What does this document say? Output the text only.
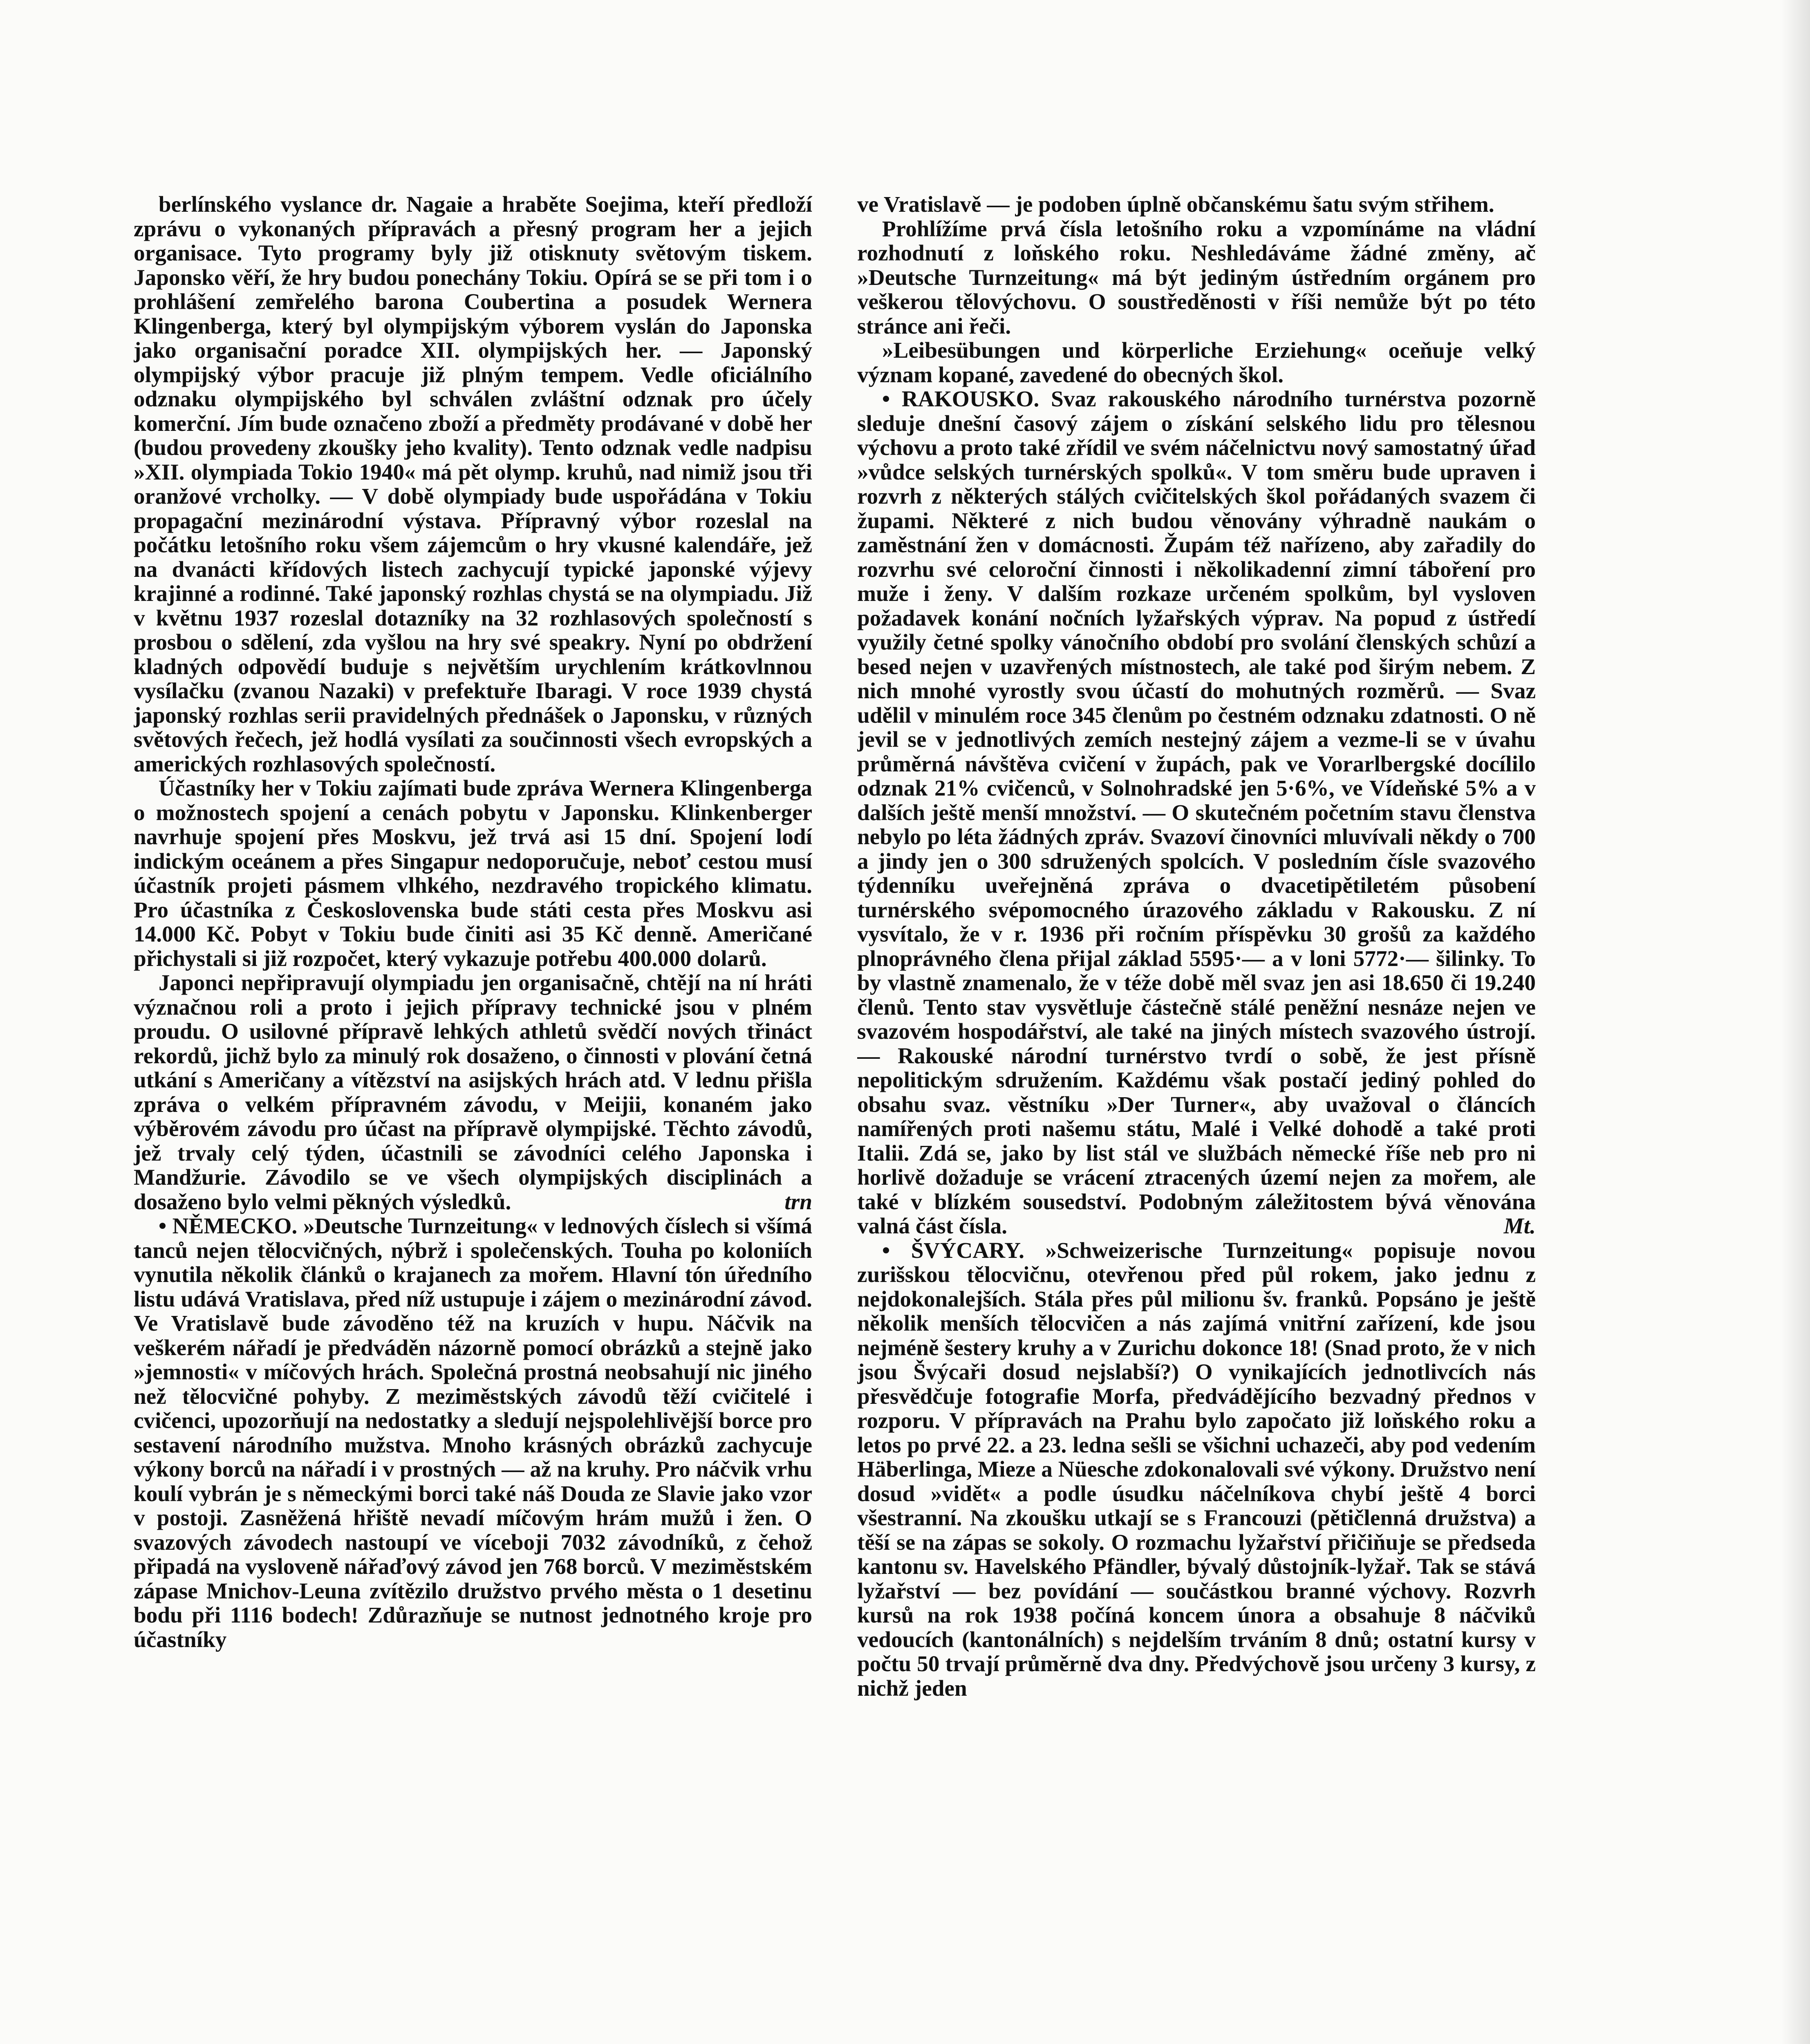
berlínského vyslance dr. Nagaie a hraběte Soejima, kteří předloží zprávu o vykonaných přípravách a přesný program her a jejich organisace. Tyto programy byly již otisknuty světovým tiskem. Japonsko věří, že hry budou ponechány Tokiu. Opírá se se při tom i o prohlášení zemřelého barona Coubertina a posudek Wernera Klingenberga, který byl olympijským výborem vyslán do Japonska jako organisační poradce XII. olympijských her. — Japonský olympijský výbor pracuje již plným tempem. Vedle oficiálního odznaku olympijského byl schválen zvláštní odznak pro účely komerční. Jím bude označeno zboží a předměty prodávané v době her (budou provedeny zkoušky jeho kvality). Tento odznak vedle nadpisu »XII. olympiada Tokio 1940« má pět olymp. kruhů, nad nimiž jsou tři oranžové vrcholky. — V době olympiady bude uspořádána v Tokiu propagační mezinárodní výstava. Přípravný výbor rozeslal na počátku letošního roku všem zájemcům o hry vkusné kalendáře, jež na dvanácti křídových listech zachycují typické japonské výjevy krajinné a rodinné. Také japonský rozhlas chystá se na olympiadu. Již v květnu 1937 rozeslal dotazníky na 32 rozhlasových společností s prosbou o sdělení, zda vyšlou na hry své speakry. Nyní po obdržení kladných odpovědí buduje s největším urychlením krátkovlnnou vysílačku (zvanou Nazaki) v prefektuře Ibaragi. V roce 1939 chystá japonský rozhlas serii pravidelných přednášek o Japonsku, v různých světových řečech, jež hodlá vysílati za součinnosti všech evropských a amerických rozhlasových společností.

Účastníky her v Tokiu zajímati bude zpráva Wernera Klingenberga o možnostech spojení a cenách pobytu v Japonsku. Klinkenberger navrhuje spojení přes Moskvu, jež trvá asi 15 dní. Spojení lodí indickým oceánem a přes Singapur nedoporučuje, neboť cestou musí účastník projeti pásmem vlhkého, nezdravého tropického klimatu. Pro účastníka z Československa bude státi cesta přes Moskvu asi 14.000 Kč. Pobyt v Tokiu bude činiti asi 35 Kč denně. Američané přichystali si již rozpočet, který vykazuje potřebu 400.000 dolarů.

Japonci nepřipravují olympiadu jen organisačně, chtějí na ní hráti význačnou roli a proto i jejich přípravy technické jsou v plném proudu. O usilovné přípravě lehkých athletů svědčí nových třináct rekordů, jichž bylo za minulý rok dosaženo, o činnosti v plování četná utkání s Američany a vítězství na asijských hrách atd. V lednu přišla zpráva o velkém přípravném závodu, v Meijii, konaném jako výběrovém závodu pro účast na přípravě olympijské. Těchto závodů, jež trvaly celý týden, účastnili se závodníci celého Japonska i Mandžurie. Závodilo se ve všech olympijských disciplinách a dosaženo bylo velmi pěkných výsledků.	trn

• NĚMECKO. »Deutsche Turnzeitung« v lednových číslech si všímá tanců nejen tělocvičných, nýbrž i společenských. Touha po koloniích vynutila několik článků o krajanech za mořem. Hlavní tón úředního listu udává Vratislava, před níž ustupuje i zájem o mezinárodní závod. Ve Vratislavě bude závoděno též na kruzích v hupu. Náčvik na veškerém nářadí je předváděn názorně pomocí obrázků a stejně jako »jemnosti« v míčových hrách. Společná prostná neobsahují nic jiného než tělocvičné pohyby. Z meziměstských závodů těží cvičitelé i cvičenci, upozorňují na nedostatky a sledují nejspolehlivější borce pro sestavení národního mužstva. Mnoho krásných obrázků zachycuje výkony borců na nářadí i v prostných — až na kruhy. Pro náčvik vrhu koulí vybrán je s německými borci také náš Douda ze Slavie jako vzor v postoji. Zasněžená hřiště nevadí míčovým hrám mužů i žen. O svazových závodech nastoupí ve víceboji 7032 závodníků, z čehož připadá na vysloveně nářaďový závod jen 768 borců. V meziměstském zápase Mnichov-Leuna zvítězilo družstvo prvého města o 1 desetinu bodu při 1116 bodech! Zdůrazňuje se nutnost jednotného kroje pro účastníky

ve Vratislavě — je podoben úplně občanskému šatu svým střihem.

Prohlížíme prvá čísla letošního roku a vzpomínáme na vládní rozhodnutí z loňského roku. Neshledáváme žádné změny, ač »Deutsche Turnzeitung« má být jediným ústředním orgánem pro veškerou tělovýchovu. O soustředěnosti v říši nemůže být po této stránce ani řeči.

»Leibesübungen und körperliche Erziehung« oceňuje velký význam kopané, zavedené do obecných škol.

• RAKOUSKO. Svaz rakouského národního turnérstva pozorně sleduje dnešní časový zájem o získání selského lidu pro tělesnou výchovu a proto také zřídil ve svém náčelnictvu nový samostatný úřad »vůdce selských turnérských spolků«. V tom směru bude upraven i rozvrh z některých stálých cvičitelských škol pořádaných svazem či župami. Některé z nich budou věnovány výhradně naukám o zaměstnání žen v domácnosti. Župám též nařízeno, aby zařadily do rozvrhu své celoroční činnosti i několikadenní zimní táboření pro muže i ženy. V dalším rozkaze určeném spolkům, byl vysloven požadavek konání nočních lyžařských výprav. Na popud z ústředí využily četné spolky vánočního období pro svolání členských schůzí a besed nejen v uzavřených místnostech, ale také pod širým nebem. Z nich mnohé vyrostly svou účastí do mohutných rozměrů. — Svaz udělil v minulém roce 345 členům po čestném odznaku zdatnosti. O ně jevil se v jednotlivých zemích nestejný zájem a vezme-li se v úvahu průměrná návštěva cvičení v župách, pak ve Vorarlbergské docílilo odznak 21% cvičenců, v Solnohradské jen 5·6%, ve Vídeňské 5% a v dalších ještě menší množství. — O skutečném početním stavu členstva nebylo po léta žádných zpráv. Svazoví činovníci mluvívali někdy o 700 a jindy jen o 300 sdružených spolcích. V posledním čísle svazového týdenníku uveřejněná zpráva o dvacetipětiletém působení turnérského svépomocného úrazového základu v Rakousku. Z ní vysvítalo, že v r. 1936 při ročním příspěvku 30 grošů za každého plnoprávného člena přijal základ 5595·— a v loni 5772·— šilinky. To by vlastně znamenalo, že v téže době měl svaz jen asi 18.650 či 19.240 členů. Tento stav vysvětluje částečně stálé peněžní nesnáze nejen ve svazovém hospodářství, ale také na jiných místech svazového ústrojí. — Rakouské národní turnérstvo tvrdí o sobě, že jest přísně nepolitickým sdružením. Každému však postačí jediný pohled do obsahu svaz. věstníku »Der Turner«, aby uvažoval o článcích namířených proti našemu státu, Malé i Velké dohodě a také proti Italii. Zdá se, jako by list stál ve službách německé říše neb pro ni horlivě dožaduje se vrácení ztracených území nejen za mořem, ale také v blízkém sousedství. Podobným záležitostem bývá věnována valná část čísla.	Mt.

• ŠVÝCARY. »Schweizerische Turnzeitung« popisuje novou zurišskou tělocvičnu, otevřenou před půl rokem, jako jednu z nejdokonalejších. Stála přes půl milionu šv. franků. Popsáno je ještě několik menších tělocvičen a nás zajímá vnitřní zařízení, kde jsou nejméně šestery kruhy a v Zurichu dokonce 18! (Snad proto, že v nich jsou Švýcaři dosud nejslabší?) O vynikajících jednotlivcích nás přesvědčuje fotografie Morfa, předvádějícího bezvadný přednos v rozporu. V přípravách na Prahu bylo započato již loňského roku a letos po prvé 22. a 23. ledna sešli se všichni uchazeči, aby pod vedením Häberlinga, Mieze a Nüesche zdokonalovali své výkony. Družstvo není dosud »vidět« a podle úsudku náčelníkova chybí ještě 4 borci všestranní. Na zkoušku utkají se s Francouzi (pětičlenná družstva) a těší se na zápas se sokoly. O rozmachu lyžařství přičiňuje se předseda kantonu sv. Havelského Pfändler, bývalý důstojník-lyžař. Tak se stává lyžařství — bez povídání — součástkou branné výchovy. Rozvrh kursů na rok 1938 počíná koncem února a obsahuje 8 náčviků vedoucích (kantonálních) s nejdelším trváním 8 dnů; ostatní kursy v počtu 50 trvají průměrně dva dny. Předvýchově jsou určeny 3 kursy, z nichž jeden
